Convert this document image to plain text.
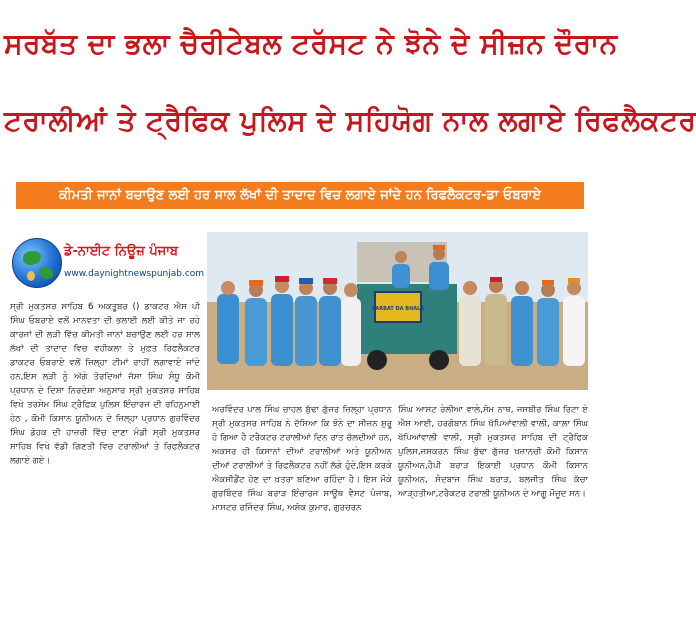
ਸਰਬੱਤ ਦਾ ਭਲਾ ਚੈਰੀਟੇਬਲ ਟਰੱਸਟ ਨੇ ਝੋਨੇ ਦੇ ਸੀਜ਼ਨ ਦੌਰਾਨ
ਟਰਾਲੀਆਂ ਤੇ ਟ੍ਰੈਫਿਕ ਪੁਲਿਸ ਦੇ ਸਹਿਯੋਗ ਨਾਲ ਲਗਾਏ ਰਿਫਲੈਕਟਰ
ਕੀਮਤੀ ਜਾਨਾਂ ਬਚਾਉਣ ਲਈ ਹਰ ਸਾਲ ਲੱਖਾਂ ਦੀ ਤਾਦਾਦ ਵਿਚ ਲਗਾਏ ਜਾਂਦੇ ਹਨ ਰਿਫਲੈਕਟਰ-ਡਾ ਓਬਰਾਏ
ਡੇ-ਨਾਈਟ ਨਿਊਜ਼ ਪੰਜਾਬ
www.daynightnewspunjab.com
SARBAT DA BHALA
ਸ੍ਰੀ ਮੁਕਤਸਰ ਸਾਹਿਬ 6 ਅਕਤੂਬਰ () ਡਾਕਟਰ ਐਸ ਪੀ ਸਿੰਘ ਓਬਰਾਏ ਵਲੋਂ ਮਾਨਵਤਾ ਦੀ ਭਲਾਈ ਲਈ ਕੀਤੇ ਜਾ ਰਹੇ ਕਾਰਜਾਂ ਦੀ ਲੜੀ ਵਿੱਚ ਕੀਮਤੀ ਜਾਨਾਂ ਬਚਾਉਣ ਲਈ ਹਰ ਸਾਲ ਲੱਖਾਂ ਦੀ ਤਾਦਾਦ ਵਿਚ ਵਹੀਕਲਾ ਤੇ ਮੁਫ਼ਤ ਰਿਫਲੈਕਟਰ ਡਾਕਟਰ ਓਬਰਾਏ ਵਲੋਂ ਜ਼ਿਲ੍ਹਾ ਟੀਮਾਂ ਰਾਹੀਂ ਲਗਾਵਾਏ ਜਾਂਦੇ ਹਨ,ਇਸ ਲੜੀ ਨੂੰ ਅੱਗੇ ਤੋਰਦਿਆਂ ਜੱਸਾ ਸਿੰਘ ਸੰਧੂ ਕੌਮੀ ਪ੍ਰਧਾਨ ਦੇ ਦਿਸ਼ਾ ਨਿਰਦੇਸ਼ਾ ਅਨੁਸਾਰ ਸ੍ਰੀ ਮੁਕਤਸਰ ਸਾਹਿਬ ਵਿਖੇ ਤਰਸੇਮ ਸਿੰਘ ਟ੍ਰੈਫਿਕ ਪੁਲਿਸ ਇੰਚਾਰਜ ਦੀ ਰਹਿਨੁਮਾਈ ਹੇਠ , ਕੌਮੀ ਕਿਸਾਨ ਯੂਨੀਅਨ ਦੇ ਜ਼ਿਲ੍ਹਾ ਪ੍ਰਧਾਨ ਗੁਰਵਿੰਦਰ ਸਿੰਘ ਡੋਹਕ ਦੀ ਹਾਜ਼ਰੀ ਵਿੱਚ ਦਾਣਾ ਮੰਡੀ ਸ੍ਰੀ ਮੁਕਤਸਰ ਸਾਹਿਬ ਵਿਖੇ ਵੱਡੀ ਗਿਣਤੀ ਵਿਚ ਟਰਾਲੀਆਂ ਤੇ ਰਿਫਲੈਕਟਰ ਲਗਾਏ ਗਏ।
ਅਰਵਿੰਦਰ ਪਾਲ ਸਿੰਘ ਚਾਹਲ ਬੁੱਢਾ ਗੁੱਜਰ ਜ਼ਿਲ੍ਹਾ ਪ੍ਰਧਾਨ ਸ੍ਰੀ ਮੁਕਤਸਰ ਸਾਹਿਬ ਨੇ ਦੱਸਿਆ ਕਿ ਝੋਨੇ ਦਾ ਸੀਜ਼ਨ ਸ਼ੁਰੂ ਹੋ ਗਿਆ ਹੈ ਟਰੈਕਟਰ ਟਰਾਲੀਆਂ ਦਿਨ ਰਾਤ ਚੱਲਦੀਆਂ ਹਨ, ਅਕਸਰ ਹੀ ਕਿਸਾਨਾਂ ਦੀਆਂ ਟਰਾਲੀਆਂ ਅਤੇ ਯੂਨੀਅਨ ਦੀਆਂ ਟਰਾਲੀਆਂ ਤੇ ਰਿਫਲੈਕਟਰ ਨਹੀਂ ਲੱਗੇ ਹੁੰਦੇ,ਇਸ ਕਰਕੇ ਐਕਸੀਡੈਂਟ ਹੋਣ ਦਾ ਖ਼ਤਰਾ ਬਣਿਆ ਰਹਿੰਦਾ ਹੈ। ਇਸ ਮੌਕੇ ਗੁਰਬਿੰਦਰ ਸਿੰਘ ਬਰਾੜ ਇੰਚਾਰਜ ਸਾਊਥ ਵੈਸਟ ਪੰਜਾਬ, ਮਾਸਟਰ ਰਜਿੰਦਰ ਸਿੰਘ, ਅਸ਼ੋਕ ਕੁਮਾਰ, ਗੁਰਚਰਨ
ਸਿੰਘ ਆਸਟ ਰੇਲੀਆ ਵਾਲੇ,ਸੋਮ ਨਾਥ, ਜਸਬੀਰ ਸਿੰਘ ਰਿਟਾ ਏ ਐਸ ਆਈ, ਹਰਗੋਬਾਨ ਸਿੰਘ ਖੱਪਿਆਂਵਾਲੀ ਵਾਲੀ, ਕਾਲ਼ਾ ਸਿੰਘ ਖੱਪਿਆਂਵਾਲੀ ਵਾਲੀ, ਸ੍ਰੀ ਮੁਕਤਸਰ ਸਾਹਿਬ ਦੀ ਟ੍ਰੈਫਿਕ ਪੁਲਿਸ,ਜਸਕਰਨ ਸਿੰਘ ਬੁੱਢਾ ਗੁੱਜਰ ਖਜ਼ਾਨਚੀ ਕੌਮੀ ਕਿਸਾਨ ਯੂਨੀਅਨ,ਹੈਪੀ ਬਰਾੜ ਇਕਾਈ ਪ੍ਰਧਾਨ ਕੌਮੀ ਕਿਸਾਨ ਯੂਨੀਅਨ, ਸੰਦਬਾਜ ਸਿੰਘ ਬਰਾੜ, ਬਲਜੀਤ ਸਿੰਘ ਕੱਚਾ ਆੜ੍ਹਤੀਆ,ਟਰੈਕਟਰ ਟਰਾਲੀ ਯੂਨੀਅਨ ਦੇ ਆਗੂ ਮੌਜੂਦ ਸਨ।
